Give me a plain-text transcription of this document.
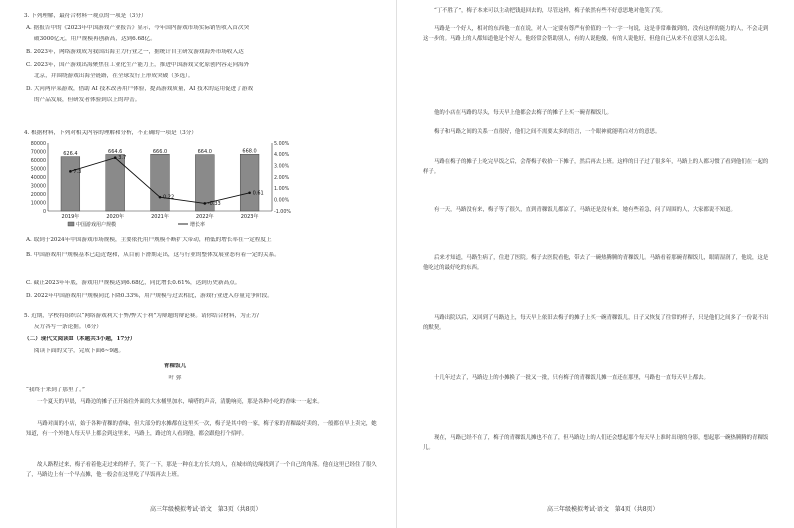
3. 下列理解，最符合材料一观点的一项是（3分）
A. 据报告中的《2023年中国游戏产业报告》显示，今年国内游戏市场实际销售收入首次突
破3000亿元，用户规模再创新高，达到6.68亿。
B. 2023年，网络游戏成为我国出海主力行业之一，据统计自主研发游戏海外市场收入达
C. 2023年，国产游戏出海聚焦在工业化生产能力上，推进中国游戏文化原创内容走向海外
北京，并围绕游戏出海全链路，在全球发行上形成突破（多选）。
D. 大河两岸某游戏，借助 AI 技术改善用户体验，提高游戏质量，AI 技术的运用促进了游戏
的产品发展，但研发者体验到以上的冲击。
4. 根据材料，下列对相关内容的理解和分析，不正确的一项是（3分）
80000
70000
60000
50000
40000
30000
20000
10000
0
5.00%
4.00%
3.00%
2.00%
1.00%
0.00%
-1.00%
626.4
2019年
664.6
2020年
666.0
2021年
664.0
2022年
668.0
2023年
7.3
3.7
0.22
-0.33
0.61
中国游戏用户规模	增长率
A. 取到于2024年中国游戏市场规模，主要依托用户规模不断扩大带动，稍低的增长率在一定程度上
B. 中国游戏用户规模基本已趋近饱和，从目前下滑期走出，这与行业的整体发展业态有着一定的关系。
C. 截止2023年年底，游戏用户规模达到6.68亿，同比增长0.61%，达到历史新高点。
D. 2022年中国游戏用户规模同比下降0.33%，用户规模与过去相比，游戏行业进入存量竞争阶段。
5. 近期，学校将组织以“网络游戏利大于弊/弊大于利”为辩题的辩论赛。请你结合材料，为正方/
反方各写一条论据。（6分）
（二）现代文阅读Ⅱ（本题共3小题，17分）
阅读下面的文字，完成下面6~9题。
青稞饭儿
叶 弥
“我终于来到了那里了。”
一个夏天的早晨，马路边的摊子正开始往外面的大水桶里加水，嘀嗒的声音，清脆响亮，那是各种小吃的香味一一起来。
马路对面的小店，始于各种青稞的香味，但大部分的水摊都在这里买一次，梅子是其中的一家，梅子家的青稞最好卖的，一般都在早上卖完，她知道，有一个外地人每天早上都会到这里来，马路上，路过的人看到他，都会跟他打个招呼。
故人路程过来，梅子看着他走过来的样子，笑了一下，那是一种在北方长大的人，在城市的边缘找到了一个自己的角落。他在这里已经住了很久了，马路边上有一个早点摊，他一般会在这里吃了早饭再去上班。
高三年级模拟考试·语文　第3页（共8页）
“丁不胜了”，梅子本来可以主动把钱退回去的，尽管这样，梅子依然有些不好意思地对他笑了笑。
马路是一个好人，相对的东西他一直在说，对人一定要有尊严有价值的一个一字一句说，这是非常难做到的，没有这样的能力的人，不会走到这一步的。马路上的人都知道他是个好人，他经常会帮助别人，有的人说他傻，有的人说他好，但他自己从来不在意别人怎么说。
他的小店在马路的尽头，每天早上他都会去梅子的摊子上买一碗青稞饭儿。
梅子和马路之间的关系一直很好，他们之间不需要太多的语言，一个眼神就能明白对方的意思。
马路在梅子的摊子上吃完早饭之后，会帮梅子收拾一下摊子，然后再去上班。这样的日子过了很多年，马路上的人都习惯了看到他们在一起的样子。
有一天，马路没有来，梅子等了很久，直到青稞饭儿都凉了，马路还是没有来。她有些着急，问了周围的人，大家都说不知道。
后来才知道，马路生病了，住进了医院。梅子去医院看他，带去了一碗热腾腾的青稞饭儿。马路看着那碗青稞饭儿，眼睛湿润了，他说，这是他吃过的最好吃的东西。
马路出院以后，又回到了马路边上，每天早上依旧去梅子的摊子上买一碗青稞饭儿，日子又恢复了往常的样子，只是他们之间多了一份说不出的默契。
十几年过去了，马路边上的小摊换了一批又一批，只有梅子的青稞饭儿摊一直还在那里，马路也一直每天早上都去。
现在，马路已经不在了，梅子的青稞饭儿摊也不在了，但马路边上的人们还会想起那个每天早上准时出现的身影，想起那一碗热腾腾的青稞饭儿。
高三年级模拟考试·语文　第4页（共8页）
